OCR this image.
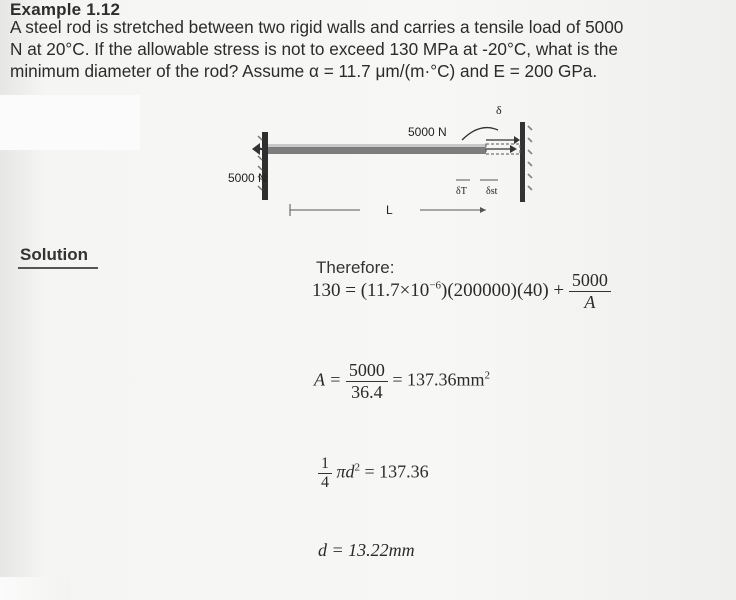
Example 1.12
A steel rod is stretched between two rigid walls and carries a tensile load of 5000
N at 20°C. If the allowable stress is not to exceed 130 MPa at -20°C, what is the
minimum diameter of the rod? Assume α = 11.7 μm/(m·°C) and E = 200 GPa.
5000 N
5000 N
L
δ
δT δst
Solution
Therefore:
$130 = (11.7\times 10^{-6})(200000)(40) + \frac{5000}{A}$
$A = \frac{5000}{36.4} = 137.36mm^2$
$\frac{1}{4} \pi d^2 = 137.36$
d = 13.22mm
